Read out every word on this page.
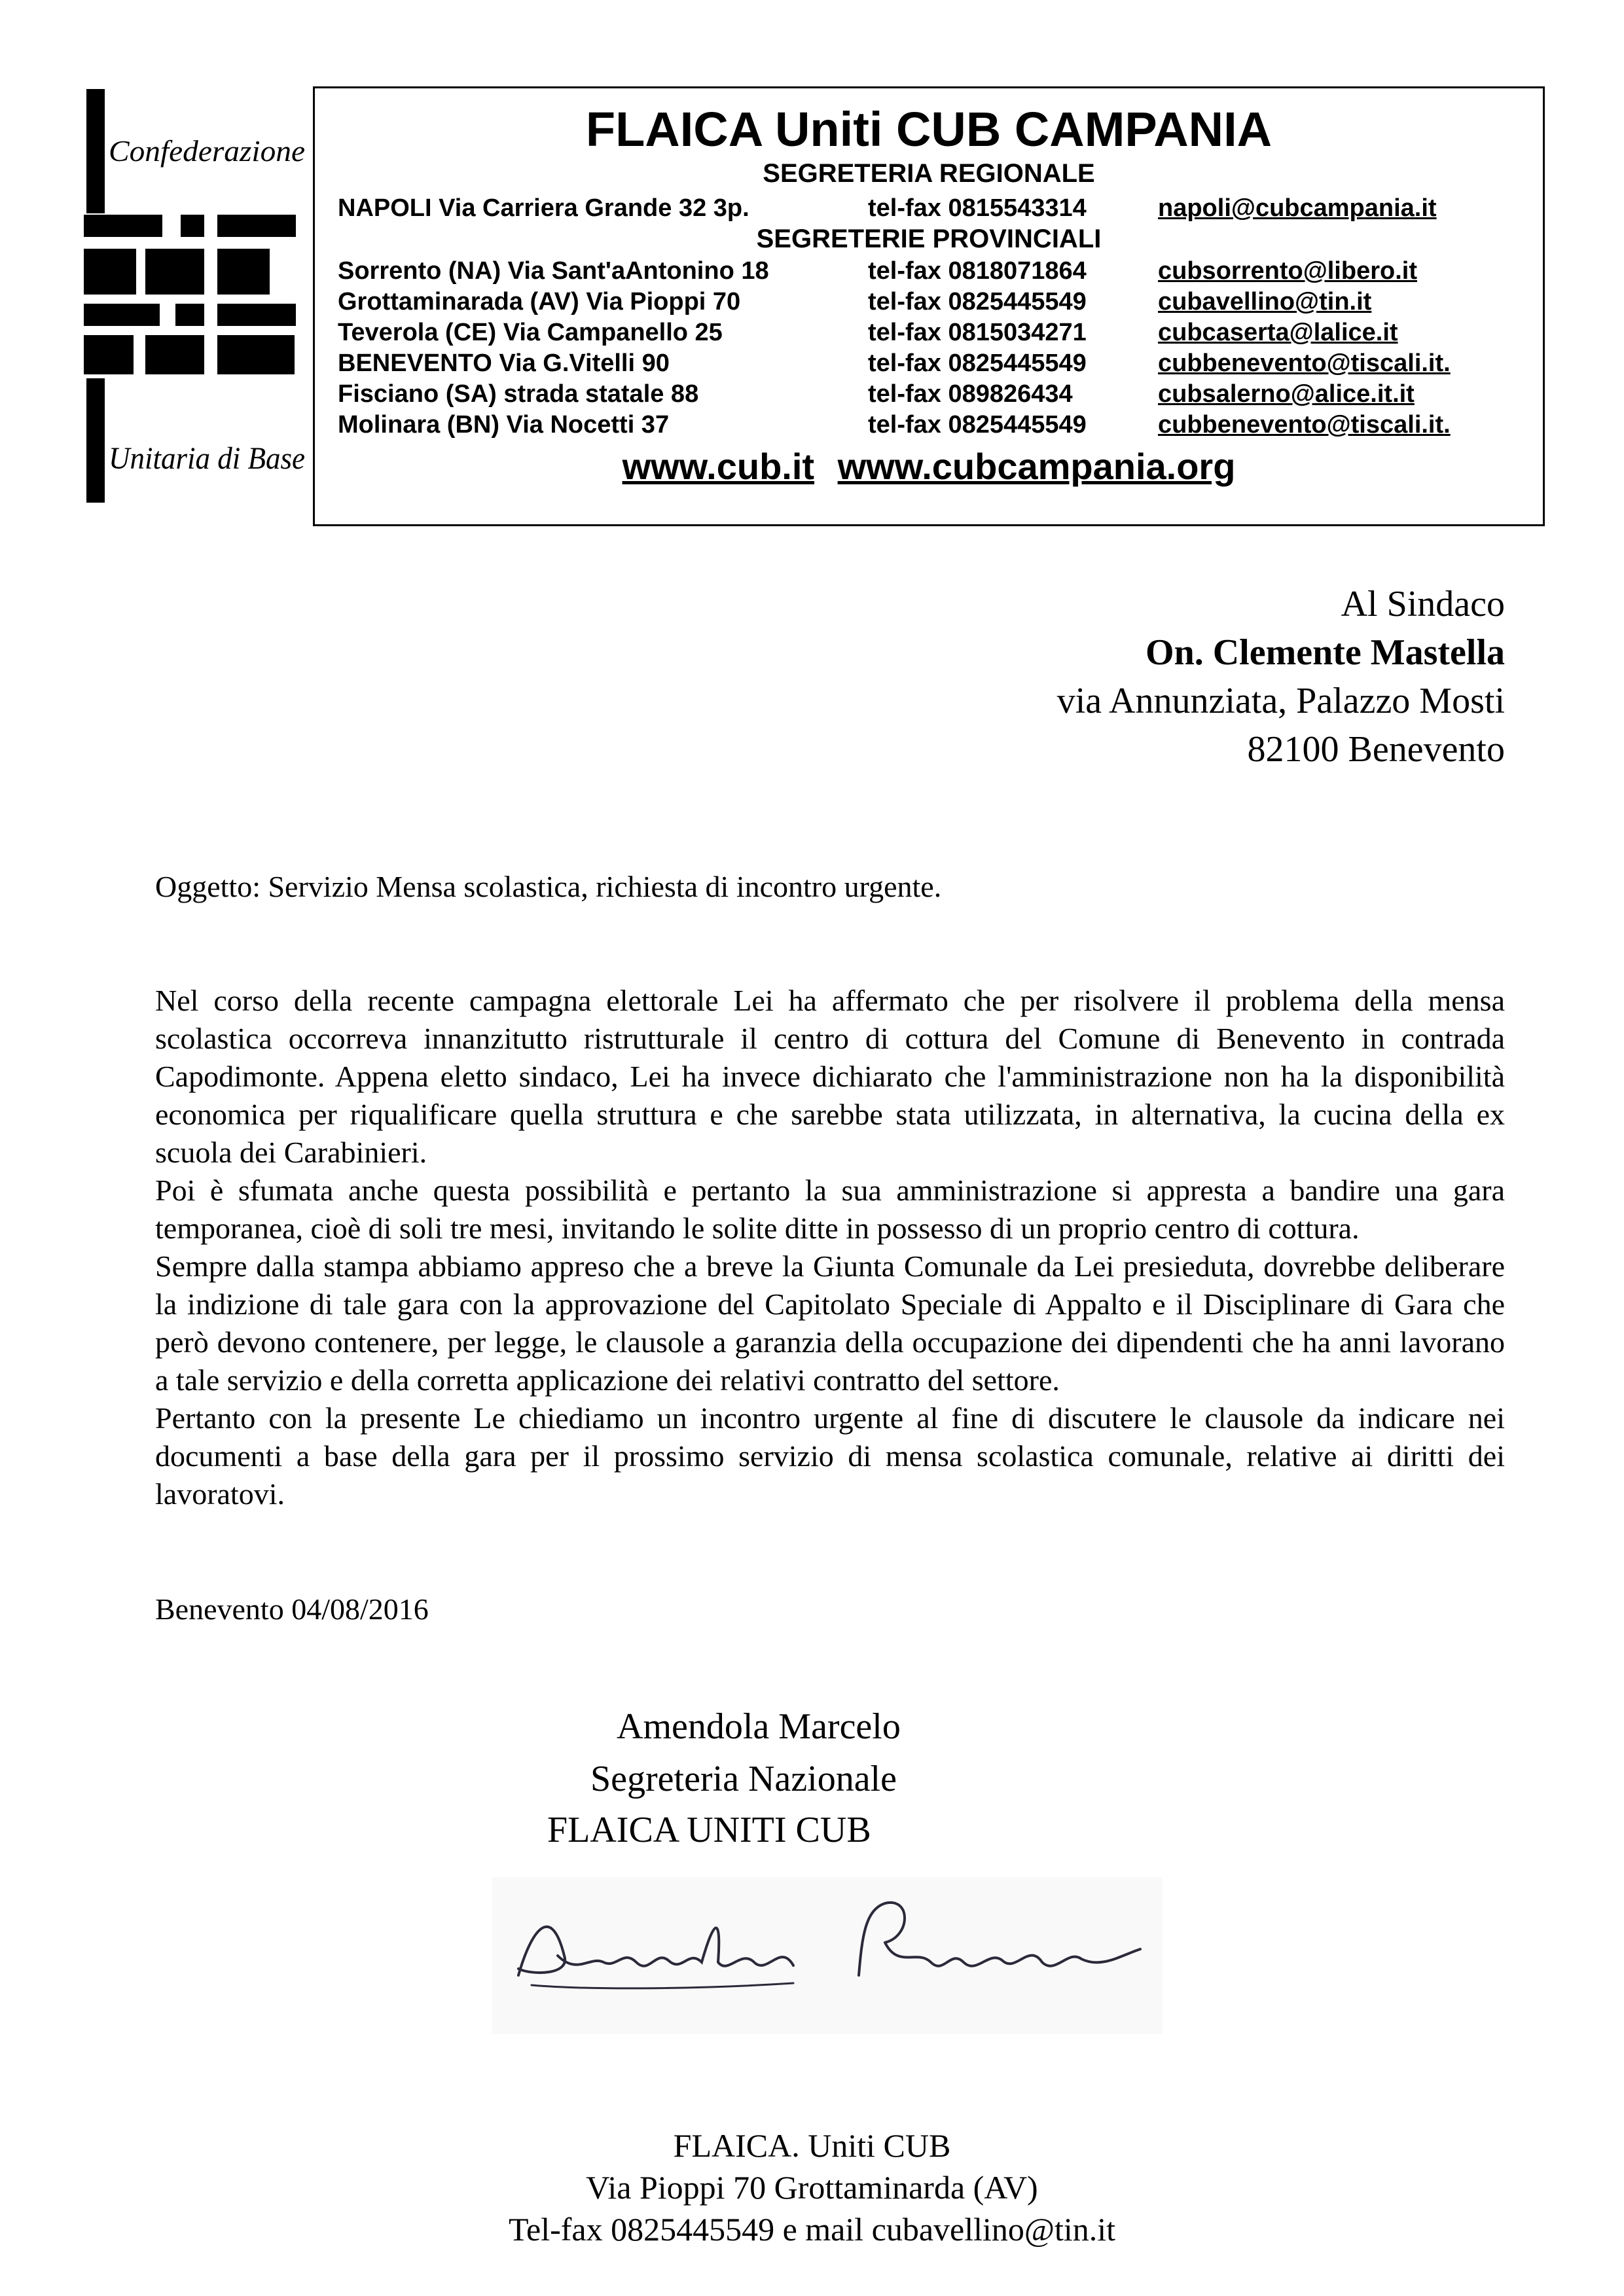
Confederazione
Unitaria di Base
CUB
FLAICA Uniti CUB CAMPANIA
SEGRETERIA REGIONALE
NAPOLI Via Carriera Grande 32 3p.	tel-fax 0815543314	napoli@cubcampania.it
SEGRETERIE PROVINCIALI
Sorrento (NA) Via Sant'aAntonino 18	tel-fax 0818071864	cubsorrento@libero.it
Grottaminarada (AV) Via Pioppi 70	tel-fax 0825445549	cubavellino@tin.it
Teverola (CE) Via Campanello 25	tel-fax 0815034271	cubcaserta@lalice.it
BENEVENTO Via G.Vitelli 90	tel-fax 0825445549	cubbenevento@tiscali.it.
Fisciano (SA) strada statale 88	tel-fax 089826434	cubsalerno@alice.it.it
Molinara (BN) Via Nocetti 37	tel-fax 0825445549	cubbenevento@tiscali.it.
www.cub.it www.cubcampania.org
Al Sindaco
On. Clemente Mastella
via Annunziata, Palazzo Mosti
82100 Benevento
Oggetto: Servizio Mensa scolastica, richiesta di incontro urgente.

Nel corso della recente campagna elettorale Lei ha affermato che per risolvere il problema della mensa scolastica occorreva innanzitutto ristrutturale il centro di cottura del Comune di Benevento in contrada Capodimonte. Appena eletto sindaco, Lei ha invece dichiarato che l'amministrazione non ha la disponibilità economica per riqualificare quella struttura e che sarebbe stata utilizzata, in alternativa, la cucina della ex scuola dei Carabinieri.

Poi è sfumata anche questa possibilità e pertanto la sua amministrazione si appresta a bandire una gara temporanea, cioè di soli tre mesi, invitando le solite ditte in possesso di un proprio centro di cottura.

Sempre dalla stampa abbiamo appreso che a breve la Giunta Comunale da Lei presieduta, dovrebbe deliberare la indizione di tale gara con la approvazione del Capitolato Speciale di Appalto e il Disciplinare di Gara che però devono contenere, per legge, le clausole a garanzia della occupazione dei dipendenti che ha anni lavorano a tale servizio e della corretta applicazione dei relativi contratto del settore.

Pertanto con la presente Le chiediamo un incontro urgente al fine di discutere le clausole da indicare nei documenti a base della gara per il prossimo servizio di mensa scolastica comunale, relative ai diritti dei lavoratovi.

Benevento 04/08/2016
Amendola Marcelo
Segreteria Nazionale
FLAICA UNITI CUB
FLAICA. Uniti CUB
Via Pioppi 70 Grottaminarda (AV)
Tel-fax 0825445549 e mail cubavellino@tin.it
